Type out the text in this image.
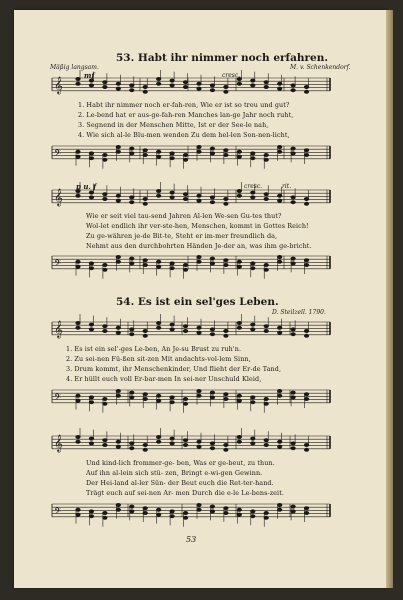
𝄞
𝄢
𝄞
𝄢
𝄞
𝄢
𝄞
𝄢
53. Habt ihr nimmer noch erfahren.
Mäßig langsam.	M. v. Schenkendorf.
mf	cresc.
1. Habt ihr nimmer noch er-fah-ren, Wie er ist so treu und gut?
2. Le-bend hat er aus-ge-fah-ren Manches lan-ge Jahr noch ruht,
3. Segnend in der Menschen Mitte, Ist er der See-le nah,
4. Wie sich al-le Blu-men wenden Zu dem hel-len Son-nen-licht,
p u. f	cresc.	rit.
Wie er seit viel tau-send Jahren Al-len We-sen Gu-tes thut?
Wol-let endlich ihr ver-ste-hen, Menschen, kommt in Gottes Reich!
Zu ge-währen je-de Bit-te, Steht er im-mer freundlich da,
Nehmt aus den durchbohrten Händen Je-der an, was ihm ge-bricht.
54. Es ist ein sel'ges Leben.
D. Steilzell. 1790.
1. Es ist ein sel'-ges Le-ben, An Je-su Brust zu ruh'n.
2. Zu sei-nen Fü-ßen sit-zen Mit andachts-vol-lem Sinn,
3. Drum kommt, ihr Menschenkinder, Und flieht der Er-de Tand,
4. Er hüllt euch voll Er-bar-men In sei-ner Unschuld Kleid,
Und kind-lich frommer-ge- ben, Was er ge-beut, zu thun.
Auf ihn al-lein sich stü- zen, Bringt e-wi-gen Gewinn.
Der Hei-land al-ler Sün- der Beut euch die Ret-ter-hand.
Trägt euch auf sei-nen Ar- men Durch die e-le Le-bens-zeit.
53
